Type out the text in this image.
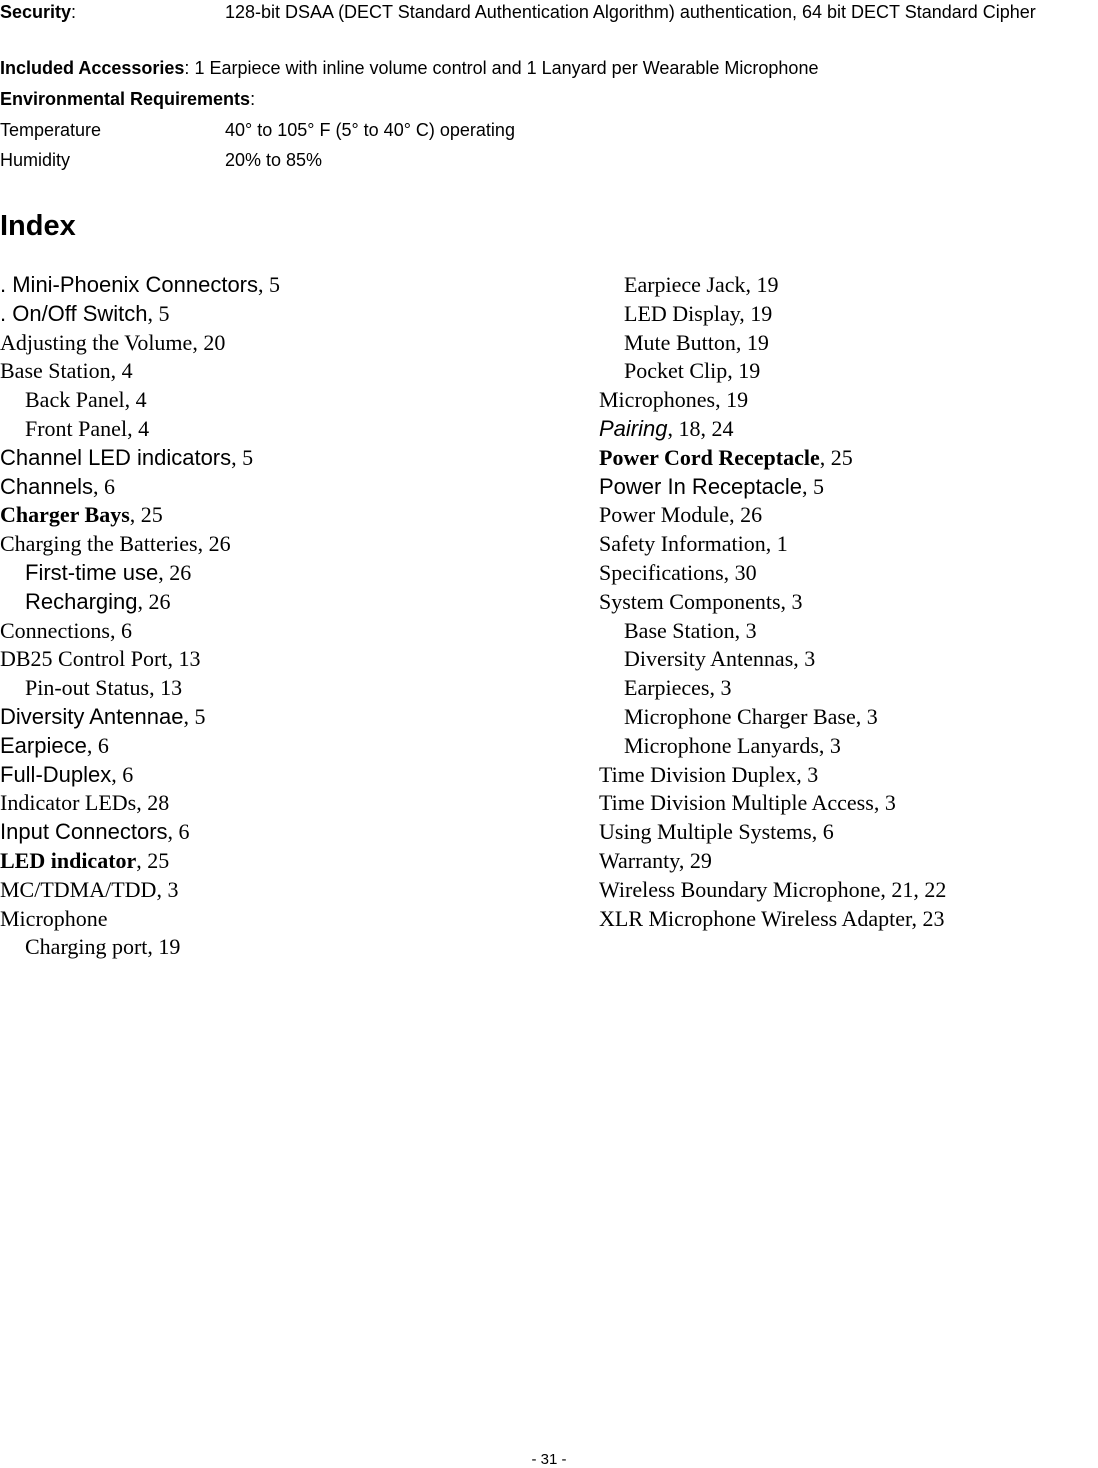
Security:	128-bit DSAA (DECT Standard Authentication Algorithm) authentication, 64 bit DECT Standard Cipher
Included Accessories: 1 Earpiece with inline volume control and 1 Lanyard per Wearable Microphone
Environmental Requirements:
Temperature	40° to 105° F (5° to 40° C) operating
Humidity	20% to 85%
Index
. Mini-Phoenix Connectors, 5
. On/Off Switch, 5
Adjusting the Volume, 20
Base Station, 4
Back Panel, 4
Front Panel, 4
Channel LED indicators, 5
Channels, 6
Charger Bays, 25
Charging the Batteries, 26
First-time use, 26
Recharging, 26
Connections, 6
DB25 Control Port, 13
Pin-out Status, 13
Diversity Antennae, 5
Earpiece, 6
Full-Duplex, 6
Indicator LEDs, 28
Input Connectors, 6
LED indicator, 25
MC/TDMA/TDD, 3
Microphone
Charging port, 19
Earpiece Jack, 19
LED Display, 19
Mute Button, 19
Pocket Clip, 19
Microphones, 19
Pairing, 18, 24
Power Cord Receptacle, 25
Power In Receptacle, 5
Power Module, 26
Safety Information, 1
Specifications, 30
System Components, 3
Base Station, 3
Diversity Antennas, 3
Earpieces, 3
Microphone Charger Base, 3
Microphone Lanyards, 3
Time Division Duplex, 3
Time Division Multiple Access, 3
Using Multiple Systems, 6
Warranty, 29
Wireless Boundary Microphone, 21, 22
XLR Microphone Wireless Adapter, 23
- 31 -
